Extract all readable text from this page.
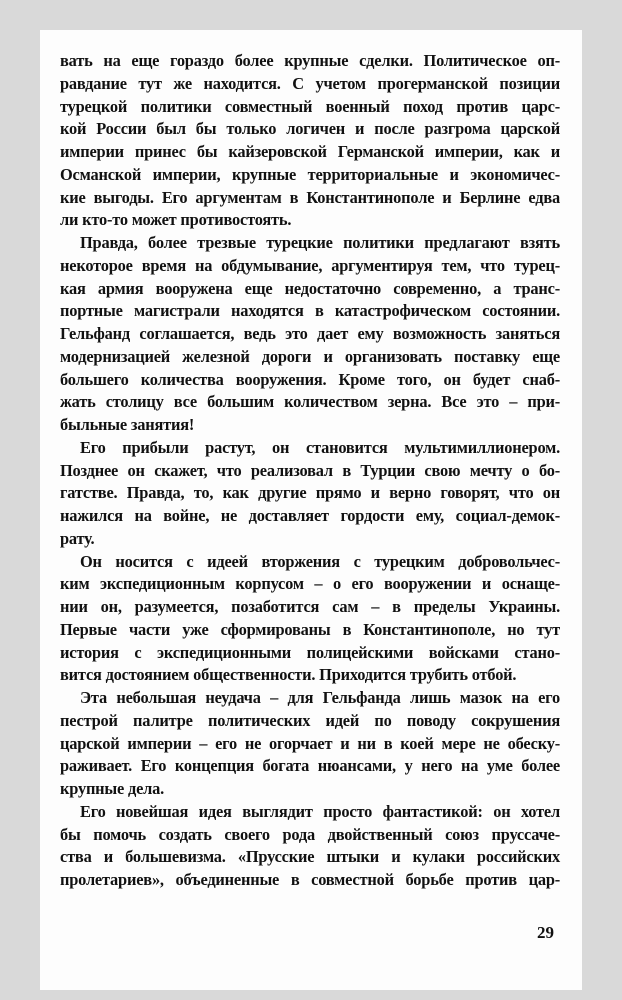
вать на еще гораздо более крупные сделки. Политическое оп-
равдание тут же находится. С учетом прогерманской позиции
турецкой политики совместный военный поход против царс-
кой России был бы только логичен и после разгрома царской
империи принес бы кайзеровской Германской империи, как и
Османской империи, крупные территориальные и экономичес-
кие выгоды. Его аргументам в Константинополе и Берлине едва
ли кто-то может противостоять.
Правда, более трезвые турецкие политики предлагают взять
некоторое время на обдумывание, аргументируя тем, что турец-
кая армия вооружена еще недостаточно современно, а транс-
портные магистрали находятся в катастрофическом состоянии.
Гельфанд соглашается, ведь это дает ему возможность заняться
модернизацией железной дороги и организовать поставку еще
большего количества вооружения. Кроме того, он будет снаб-
жать столицу все большим количеством зерна. Все это – при-
быльные занятия!
Его прибыли растут, он становится мультимиллионером.
Позднее он скажет, что реализовал в Турции свою мечту о бо-
гатстве. Правда, то, как другие прямо и верно говорят, что он
нажился на войне, не доставляет гордости ему, социал-демок-
рату.
Он носится с идеей вторжения с турецким добровольчес-
ким экспедиционным корпусом – о его вооружении и оснаще-
нии он, разумеется, позаботится сам – в пределы Украины.
Первые части уже сформированы в Константинополе, но тут
история с экспедиционными полицейскими войсками стано-
вится достоянием общественности. Приходится трубить отбой.
Эта небольшая неудача – для Гельфанда лишь мазок на его
пестрой палитре политических идей по поводу сокрушения
царской империи – его не огорчает и ни в коей мере не обеску-
раживает. Его концепция богата нюансами, у него на уме более
крупные дела.
Его новейшая идея выглядит просто фантастикой: он хотел
бы помочь создать своего рода двойственный союз пруссаче-
ства и большевизма. «Прусские штыки и кулаки российских
пролетариев», объединенные в совместной борьбе против цар-
29
